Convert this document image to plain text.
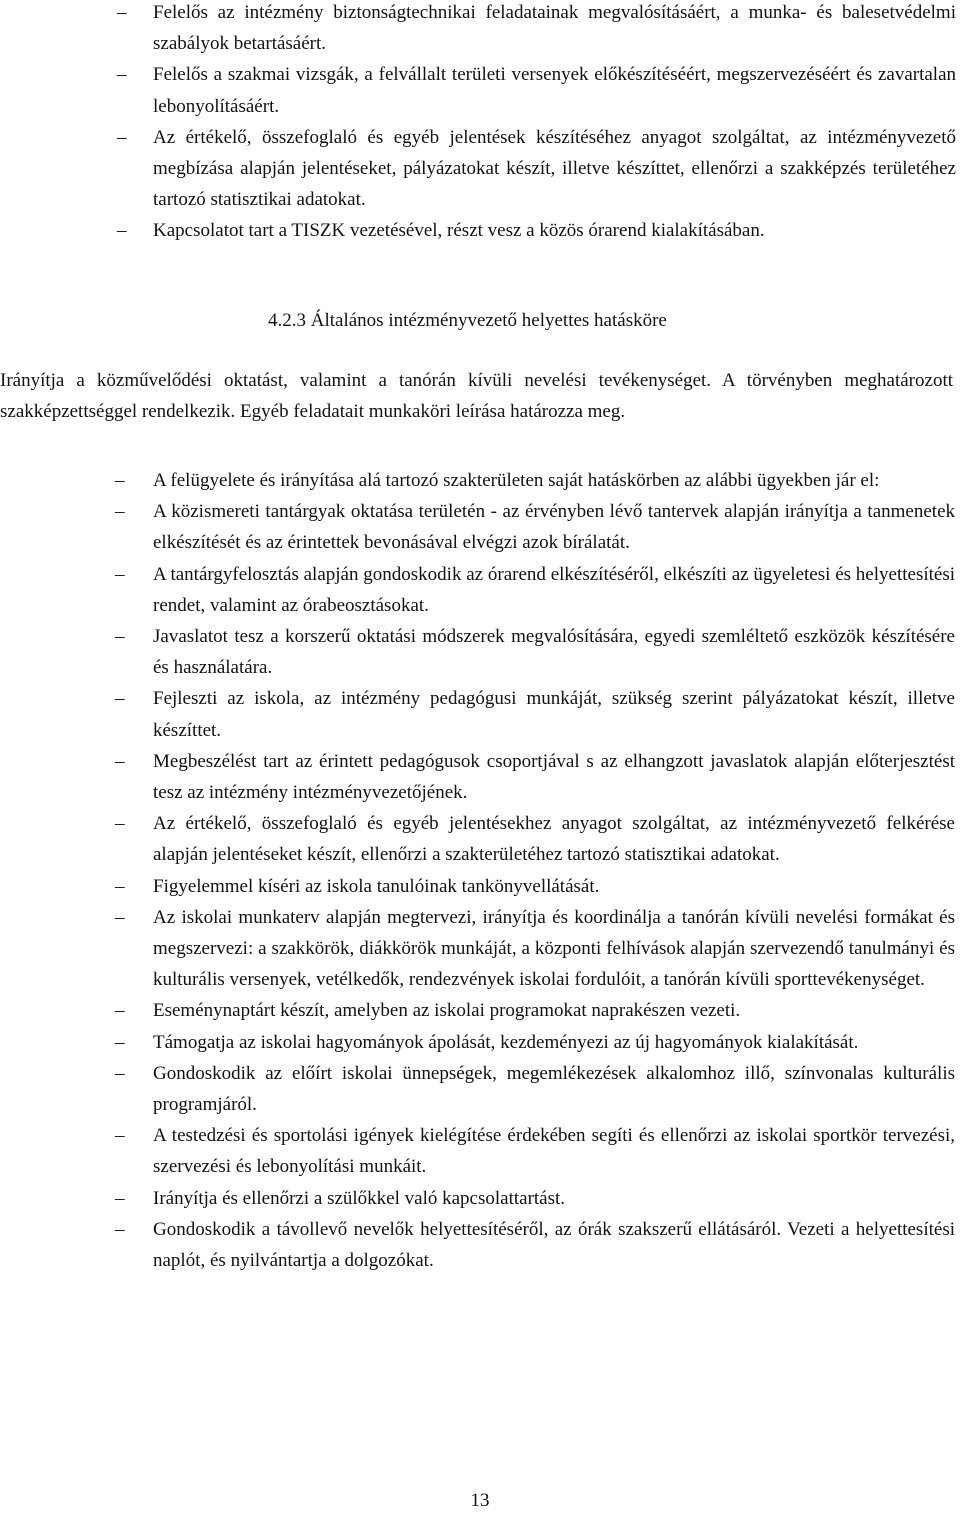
– Felelős az intézmény biztonságtechnikai feladatainak megvalósításáért, a munka- és balesetvédelmi szabályok betartásáért.
– Felelős a szakmai vizsgák, a felvállalt területi versenyek előkészítéséért, megszervezéséért és zavartalan lebonyolításáért.
– Az értékelő, összefoglaló és egyéb jelentések készítéséhez anyagot szolgáltat, az intézményvezető megbízása alapján jelentéseket, pályázatokat készít, illetve készíttet, ellenőrzi a szakképzés területéhez tartozó statisztikai adatokat.
– Kapcsolatot tart a TISZK vezetésével, részt vesz a közös órarend kialakításában.
4.2.3 Általános intézményvezető helyettes hatásköre
Irányítja a közművelődési oktatást, valamint a tanórán kívüli nevelési tevékenységet. A törvényben meghatározott szakképzettséggel rendelkezik. Egyéb feladatait munkaköri leírása határozza meg.
– A felügyelete és irányítása alá tartozó szakterületen saját hatáskörben az alábbi ügyekben jár el:
– A közismereti tantárgyak oktatása területén - az érvényben lévő tantervek alapján irányítja a tanmenetek elkészítését és az érintettek bevonásával elvégzi azok bírálatát.
– A tantárgyfelosztás alapján gondoskodik az órarend elkészítéséről, elkészíti az ügyeletesi és helyettesítési rendet, valamint az órabeosztásokat.
– Javaslatot tesz a korszerű oktatási módszerek megvalósítására, egyedi szemléltető eszközök készítésére és használatára.
– Fejleszti az iskola, az intézmény pedagógusi munkáját, szükség szerint pályázatokat készít, illetve készíttet.
– Megbeszélést tart az érintett pedagógusok csoportjával s az elhangzott javaslatok alapján előterjesztést tesz az intézmény intézményvezetőjének.
– Az értékelő, összefoglaló és egyéb jelentésekhez anyagot szolgáltat, az intézményvezető felkérése alapján jelentéseket készít, ellenőrzi a szakterületéhez tartozó statisztikai adatokat.
– Figyelemmel kíséri az iskola tanulóinak tankönyvellátását.
– Az iskolai munkaterv alapján megtervezi, irányítja és koordinálja a tanórán kívüli nevelési formákat és megszervezi: a szakkörök, diákkörök munkáját, a központi felhívások alapján szervezendő tanulmányi és kulturális versenyek, vetélkedők, rendezvények iskolai fordulóit, a tanórán kívüli sporttevékenységet.
– Eseménynaptárt készít, amelyben az iskolai programokat naprakészen vezeti.
– Támogatja az iskolai hagyományok ápolását, kezdeményezi az új hagyományok kialakítását.
– Gondoskodik az előírt iskolai ünnepségek, megemlékezések alkalomhoz illő, színvonalas kulturális programjáról.
– A testedzési és sportolási igények kielégítése érdekében segíti és ellenőrzi az iskolai sportkör tervezési, szervezési és lebonyolítási munkáit.
– Irányítja és ellenőrzi a szülőkkel való kapcsolattartást.
– Gondoskodik a távollevő nevelők helyettesítéséről, az órák szakszerű ellátásáról. Vezeti a helyettesítési naplót, és nyilvántartja a dolgozókat.
13
